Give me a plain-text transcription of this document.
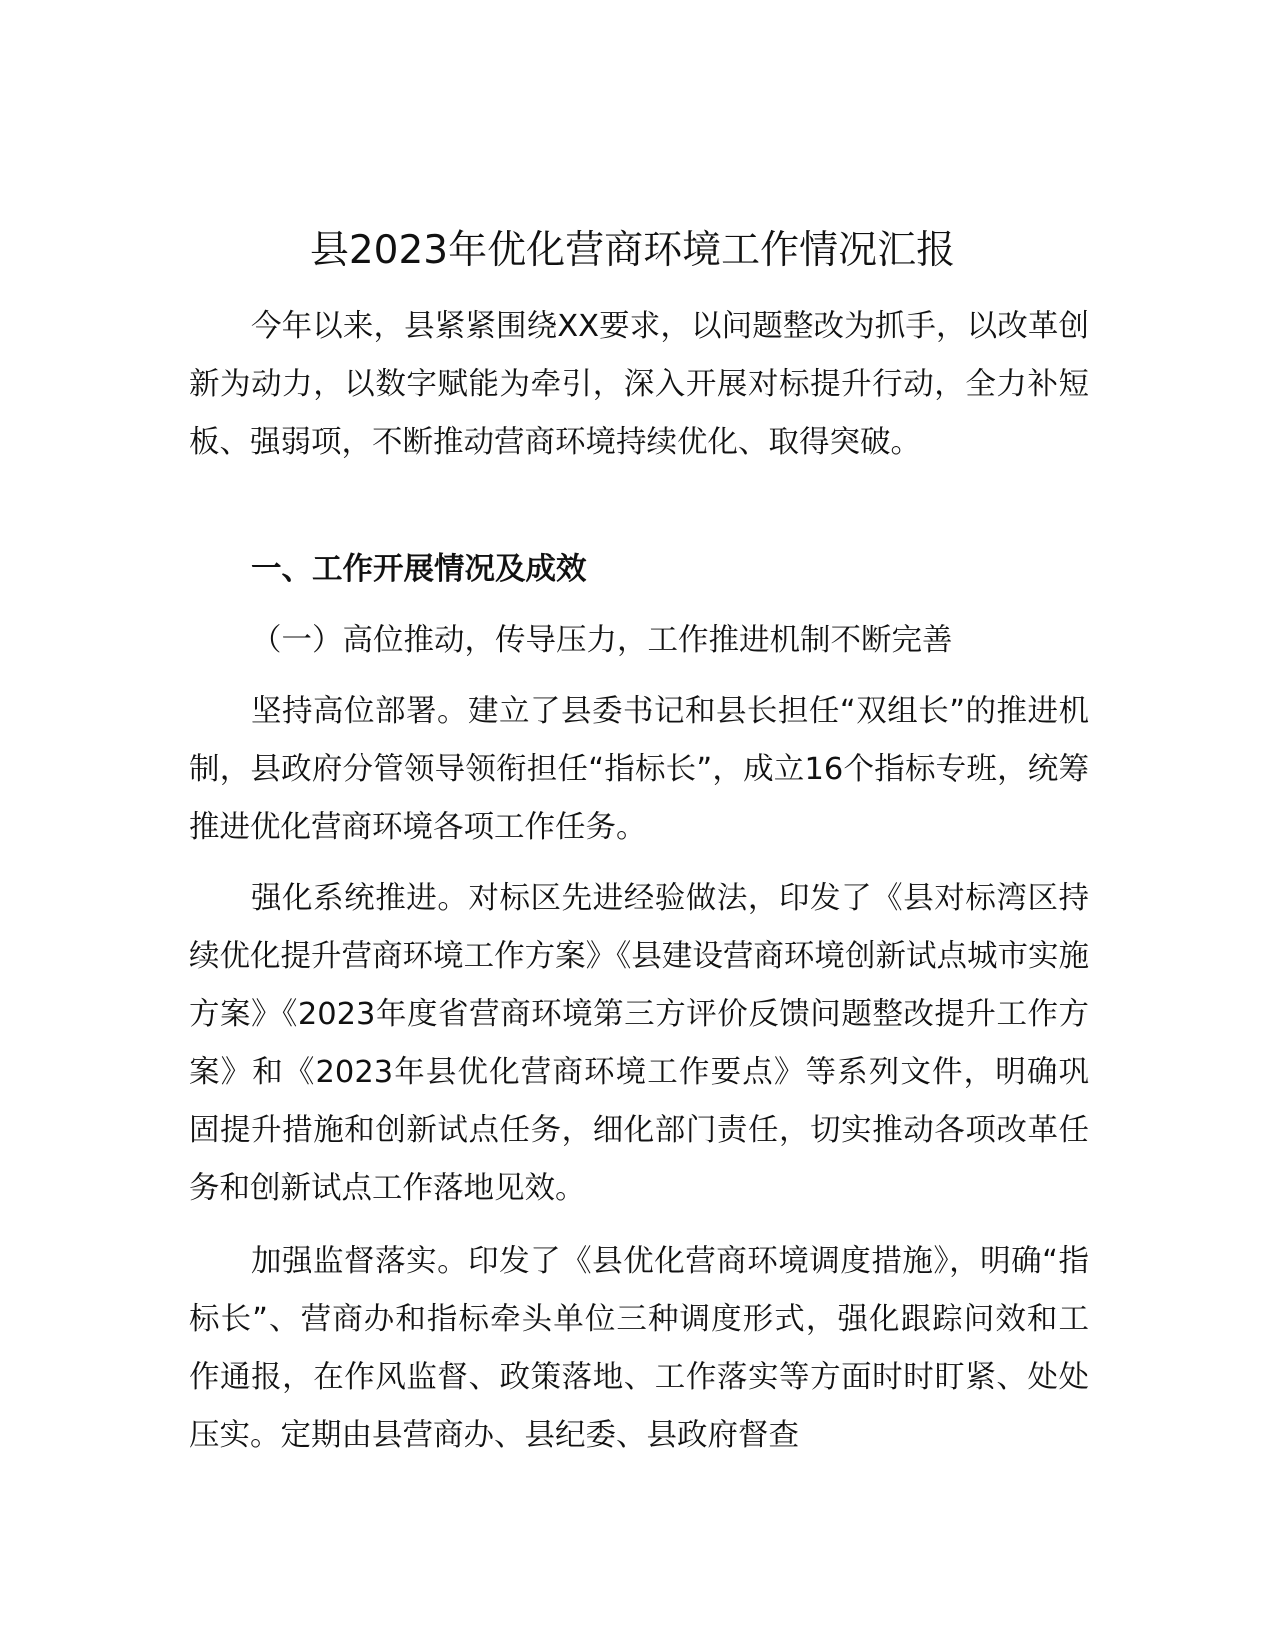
县2023年优化营商环境工作情况汇报

今年以来，县紧紧围绕XX要求，以问题整改为抓手，以改革创新为动力，以数字赋能为牵引，深入开展对标提升行动，全力补短板、强弱项，不断推动营商环境持续优化、取得突破。

一、工作开展情况及成效

（一）高位推动，传导压力，工作推进机制不断完善

坚持高位部署。建立了县委书记和县长担任“双组长”的推进机制，县政府分管领导领衔担任“指标长”，成立16个指标专班，统筹推进优化营商环境各项工作任务。

强化系统推进。对标区先进经验做法，印发了《县对标湾区持续优化提升营商环境工作方案》《县建设营商环境创新试点城市实施方案》《2023年度省营商环境第三方评价反馈问题整改提升工作方案》和《2023年县优化营商环境工作要点》等系列文件，明确巩固提升措施和创新试点任务，细化部门责任，切实推动各项改革任务和创新试点工作落地见效。

加强监督落实。印发了《县优化营商环境调度措施》，明确“指标长”、营商办和指标牵头单位三种调度形式，强化跟踪问效和工作通报，在作风监督、政策落地、工作落实等方面时时盯紧、处处压实。定期由县营商办、县纪委、县政府督查
